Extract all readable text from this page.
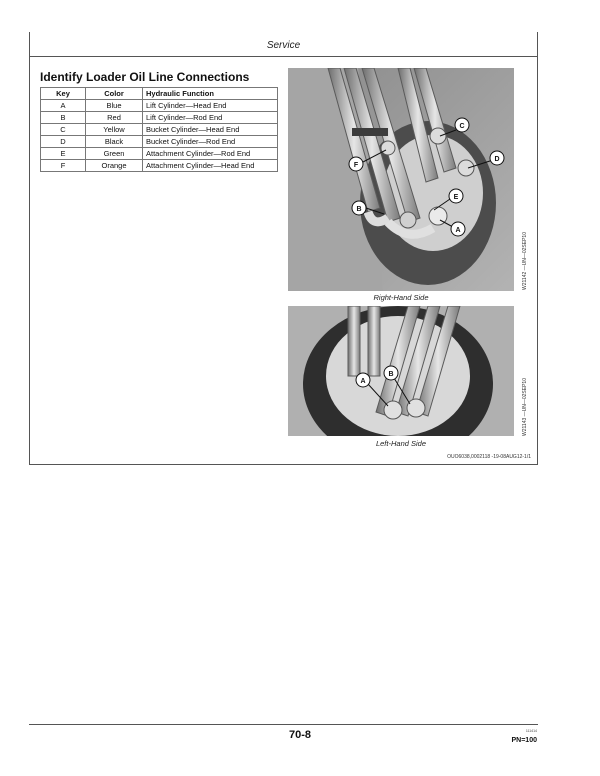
Service
Identify Loader Oil Line Connections
Key	Color	Hydraulic Function
A	Blue	Lift Cylinder—Head End
B	Red	Lift Cylinder—Rod End
C	Yellow	Bucket Cylinder—Head End
D	Black	Bucket Cylinder—Rod End
E	Green	Attachment Cylinder—Rod End
F	Orange	Attachment Cylinder—Head End
C
D
F
E
B
A
W21142 —UN—02SEP10
Right-Hand Side
A
B
W21143 —UN—02SEP10
Left-Hand Side
OUO6038,0002118 -19-08AUG12-1/1
70-8	111414
PN=100
